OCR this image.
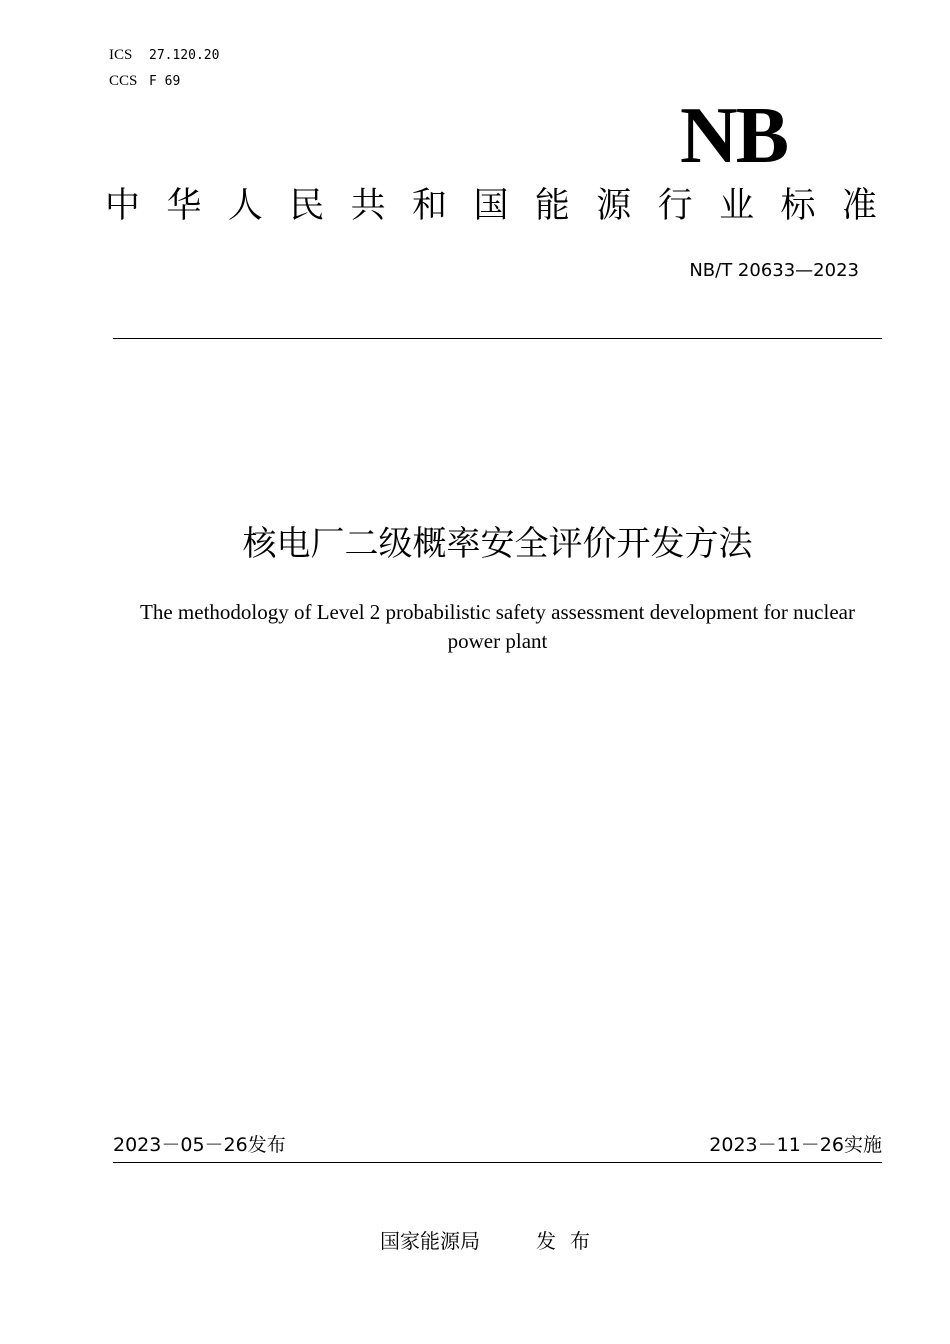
ICS 27.120.20
CCS F 69
NB
中 华 人 民 共 和 国 能 源 行 业 标 准
NB/T 20633—2023
核电厂二级概率安全评价开发方法
The methodology of Level 2 probabilistic safety assessment development for nuclear power plant
2023－05－26发布	2023－11－26实施
国家能源局	发布
